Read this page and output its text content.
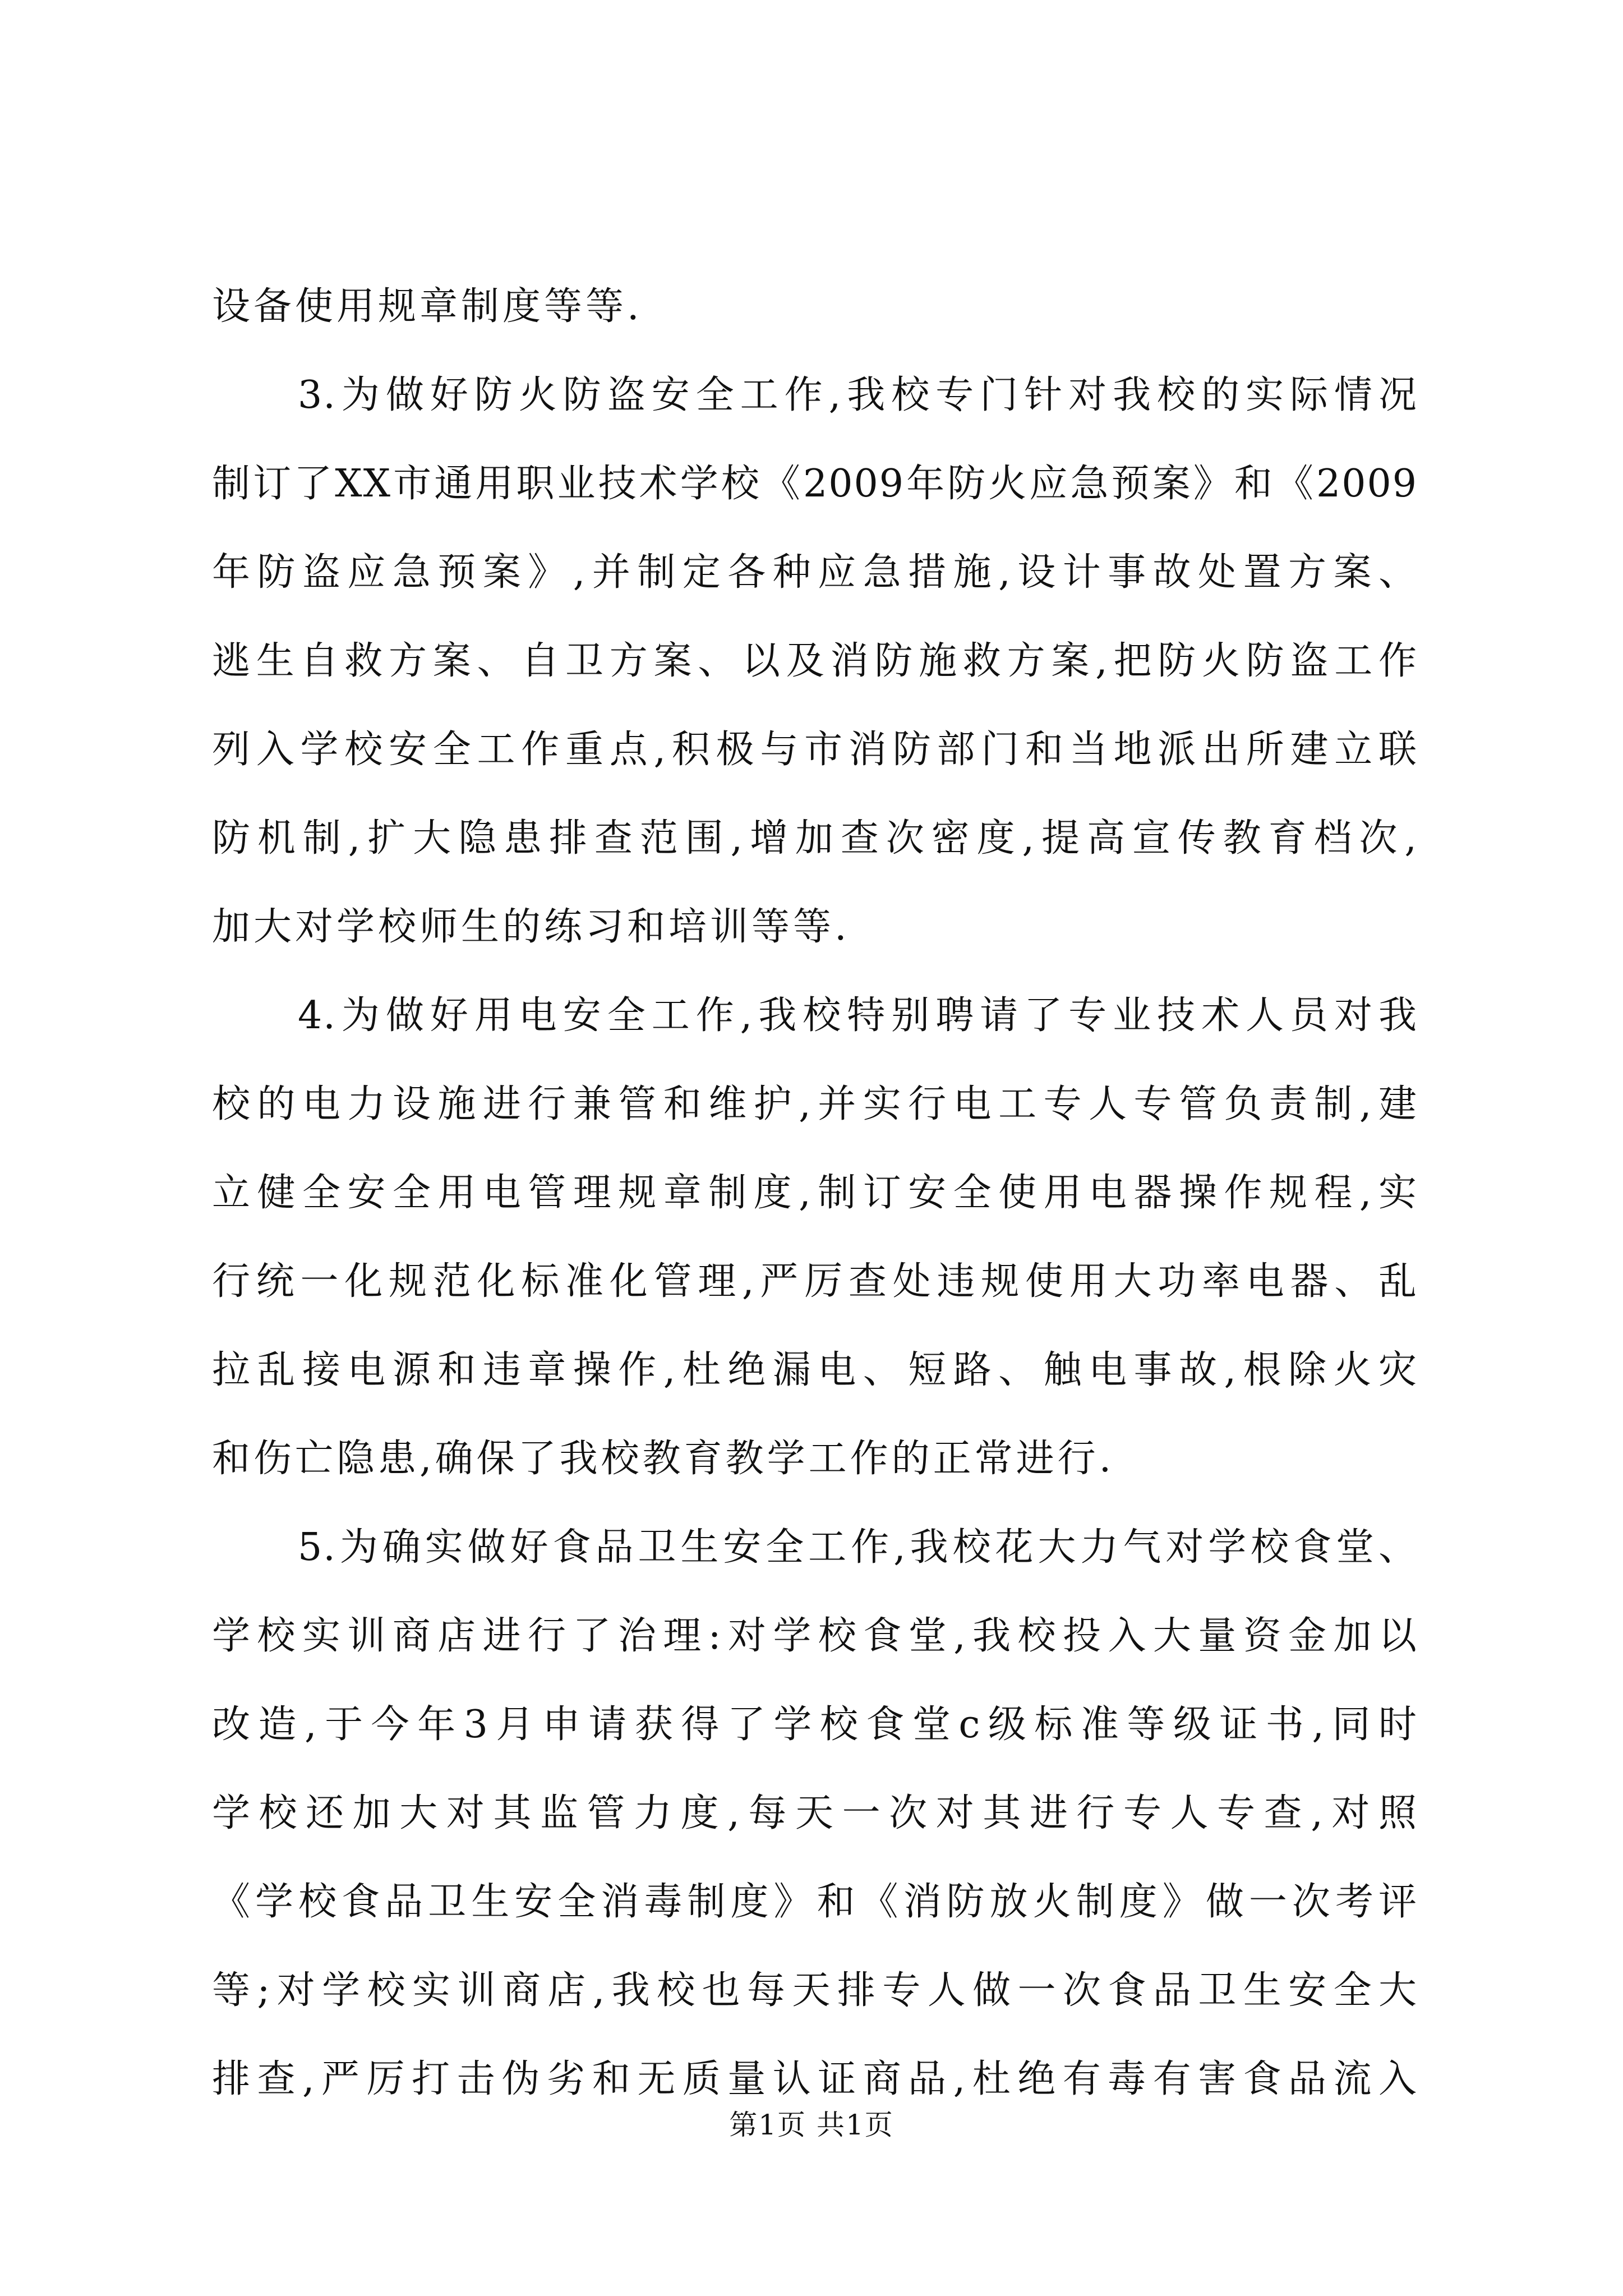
设备使用规章制度等等.
3.为做好防火防盗安全工作,我校专门针对我校的实际情况
制订了XX市通用职业技术学校《2009年防火应急预案》和《2009
年防盗应急预案》,并制定各种应急措施,设计事故处置方案、
逃生自救方案、自卫方案、以及消防施救方案,把防火防盗工作
列入学校安全工作重点,积极与市消防部门和当地派出所建立联
防机制,扩大隐患排查范围,增加查次密度,提高宣传教育档次,
加大对学校师生的练习和培训等等.
4.为做好用电安全工作,我校特别聘请了专业技术人员对我
校的电力设施进行兼管和维护,并实行电工专人专管负责制,建
立健全安全用电管理规章制度,制订安全使用电器操作规程,实
行统一化规范化标准化管理,严厉查处违规使用大功率电器、乱
拉乱接电源和违章操作,杜绝漏电、短路、触电事故,根除火灾
和伤亡隐患,确保了我校教育教学工作的正常进行.
5.为确实做好食品卫生安全工作,我校花大力气对学校食堂、
学校实训商店进行了治理:对学校食堂,我校投入大量资金加以
改造,于今年3月申请获得了学校食堂c级标准等级证书,同时
学校还加大对其监管力度,每天一次对其进行专人专查,对照
《学校食品卫生安全消毒制度》和《消防放火制度》做一次考评
等;对学校实训商店,我校也每天排专人做一次食品卫生安全大
排查,严厉打击伪劣和无质量认证商品,杜绝有毒有害食品流入
第1页 共1页
